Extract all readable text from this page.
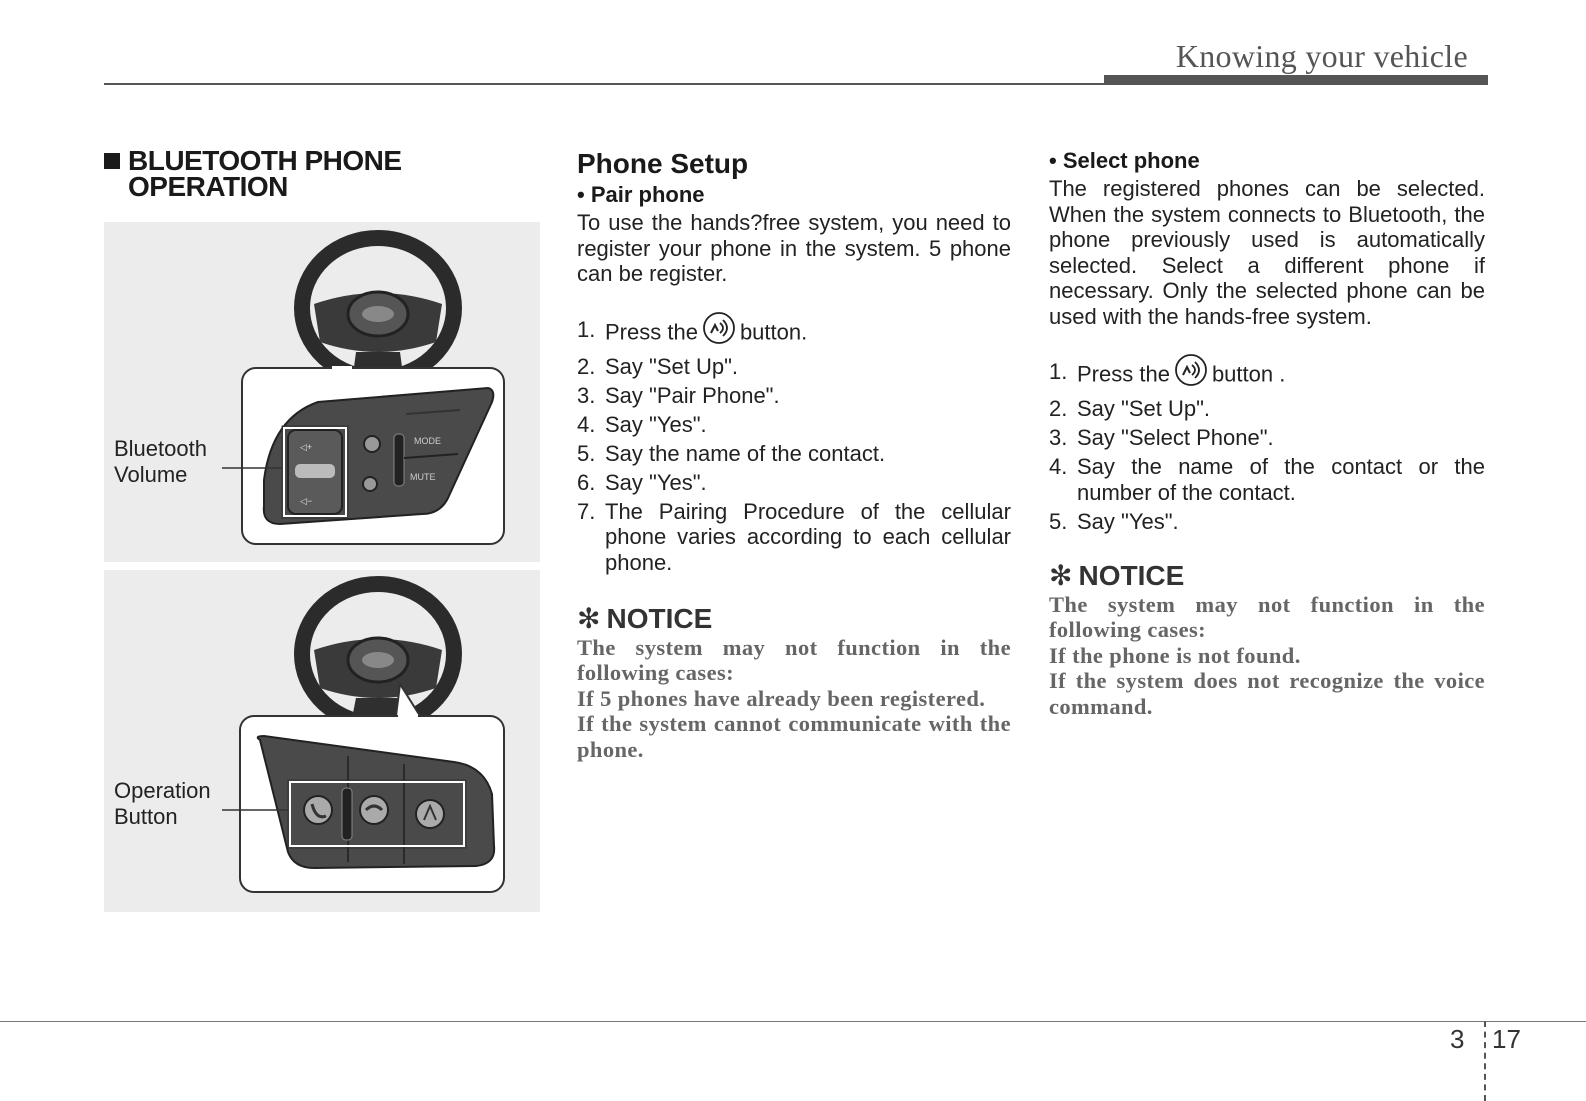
Knowing your vehicle
BLUETOOTH PHONE
OPERATION
◁+
◁−
MODE
MUTE
Bluetooth
Volume
Operation
Button
Phone Setup
• Pair phone
To use the hands?free system, you need to register your phone in the system. 5 phone can be register.
1. Press the button.
2. Say "Set Up".
3. Say "Pair Phone".
4. Say "Yes".
5. Say the name of the contact.
6. Say "Yes".
7. The Pairing Procedure of the cellular phone varies according to each cellular phone.
✻ NOTICE
The system may not function in the following cases:
If 5 phones have already been registered.
If the system cannot communicate with the phone.
• Select phone
The registered phones can be selected. When the system connects to Bluetooth, the phone previously used is automatically selected. Select a different phone if necessary. Only the selected phone can be used with the hands-free system.
1. Press the button .
2. Say "Set Up".
3. Say "Select Phone".
4. Say the name of the contact or the number of the contact.
5. Say "Yes".
✻ NOTICE
The system may not function in the following cases:
If the phone is not found.
If the system does not recognize the voice command.
3 17
